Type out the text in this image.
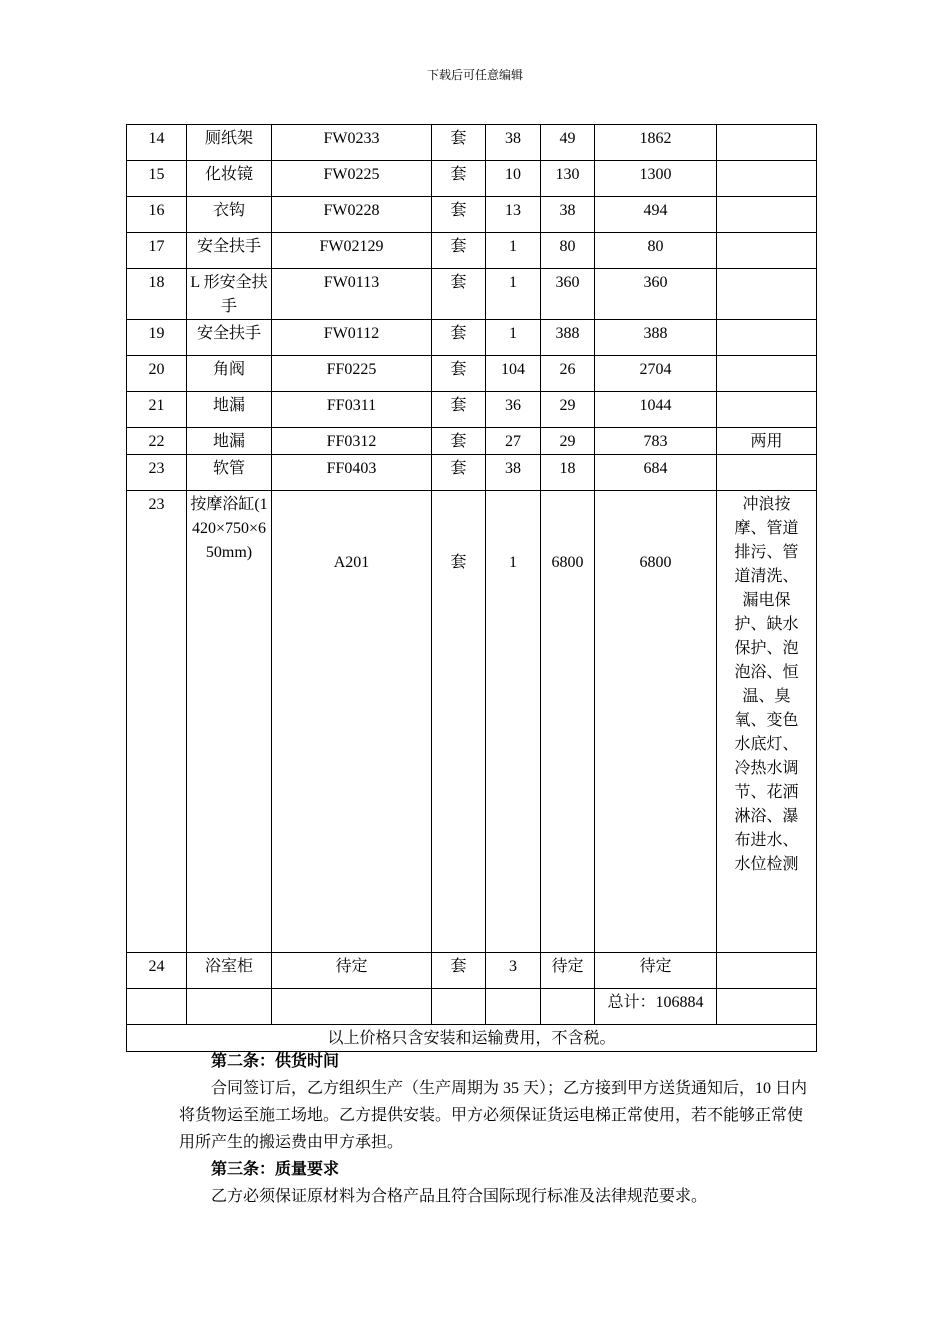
下载后可任意编辑
14	厕纸架	FW0233	套	38	49	1862	
15	化妆镜	FW0225	套	10	130	1300	
16	衣钩	FW0228	套	13	38	494	
17	安全扶手	FW02129	套	1	80	80	
18	L 形安全扶手	FW0113	套	1	360	360	
19	安全扶手	FW0112	套	1	388	388	
20	角阀	FF0225	套	104	26	2704	
21	地漏	FF0311	套	36	29	1044	
22	地漏	FF0312	套	27	29	783	两用
23	软管	FF0403	套	38	18	684	
23	按摩浴缸(1420×750×650mm)	A201	套	1	6800	6800	冲浪按摩、管道排污、管道清洗、漏电保护、缺水保护、泡泡浴、恒温、臭氧、变色水底灯、冷热水调节、花洒淋浴、瀑布进水、水位检测
24	浴室柜	待定	套	3	待定	待定	
						总计：106884	
以上价格只含安装和运输费用，不含税。							
第二条：供货时间
合同签订后，乙方组织生产（生产周期为 35 天）；乙方接到甲方送货通知后，10 日内将货物运至施工场地。乙方提供安装。甲方必须保证货运电梯正常使用，若不能够正常使用所产生的搬运费由甲方承担。
第三条：质量要求
乙方必须保证原材料为合格产品且符合国际现行标准及法律规范要求。
